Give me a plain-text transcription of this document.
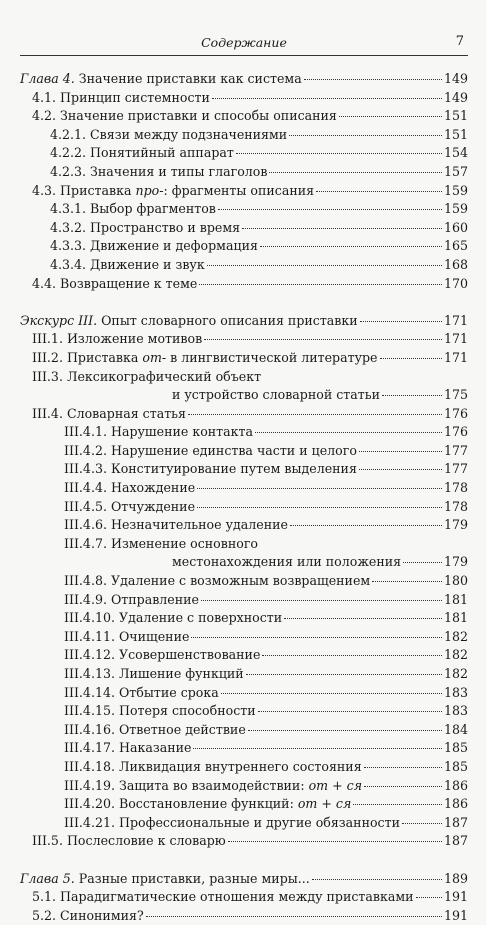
Содержание	7
Глава 4. Значение приставки как система	149
4.1. Принцип системности	149
4.2. Значение приставки и способы описания	151
4.2.1. Связи между подзначениями	151
4.2.2. Понятийный аппарат	154
4.2.3. Значения и типы глаголов	157
4.3. Приставка про-: фрагменты описания	159
4.3.1. Выбор фрагментов	159
4.3.2. Пространство и время	160
4.3.3. Движение и деформация	165
4.3.4. Движение и звук	168
4.4. Возвращение к теме	170
Экскурс III. Опыт словарного описания приставки	171
III.1. Изложение мотивов	171
III.2. Приставка от- в лингвистической литературе	171
III.3. Лексикографический объект
и устройство словарной статьи	175
III.4. Словарная статья	176
III.4.1. Нарушение контакта	176
III.4.2. Нарушение единства части и целого	177
III.4.3. Конституирование путем выделения	177
III.4.4. Нахождение	178
III.4.5. Отчуждение	178
III.4.6. Незначительное удаление	179
III.4.7. Изменение основного
местонахождения или положения	179
III.4.8. Удаление с возможным возвращением	180
III.4.9. Отправление	181
III.4.10. Удаление с поверхности	181
III.4.11. Очищение	182
III.4.12. Усовершенствование	182
III.4.13. Лишение функций	182
III.4.14. Отбытие срока	183
III.4.15. Потеря способности	183
III.4.16. Ответное действие	184
III.4.17. Наказание	185
III.4.18. Ликвидация внутреннего состояния	185
III.4.19. Защита во взаимодействии: от + ся	186
III.4.20. Восстановление функций: от + ся	186
III.4.21. Профессиональные и другие обязанности	187
III.5. Послесловие к словарю	187
Глава 5. Разные приставки, разные миры...	189
5.1. Парадигматические отношения между приставками 191
5.2. Синонимия?	191
